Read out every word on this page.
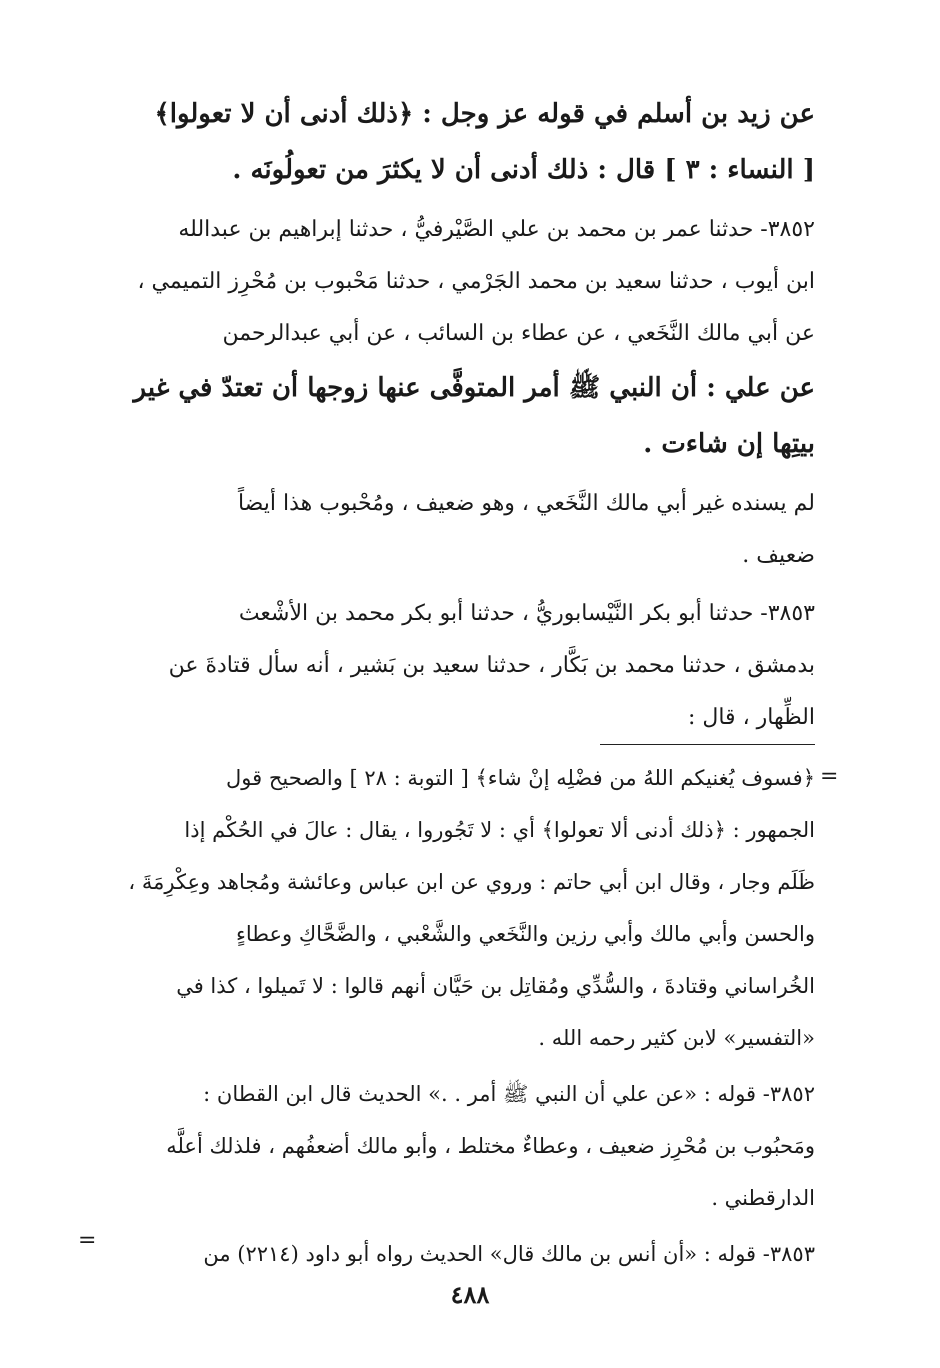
عن زيد بن أسلم في قوله عز وجل : ﴿ذلك أدنى أن لا تعولوا﴾
[ النساء : ٣ ] قال : ذلك أدنى أن لا يكثرَ من تعولُونَه .
٣٨٥٢- حدثنا عمر بن محمد بن علي الصَّيْرفيُّ ، حدثنا إبراهيم بن عبدالله
ابن أيوب ، حدثنا سعيد بن محمد الجَرْمي ، حدثنا مَحْبوب بن مُحْرِز التميمي ،
عن أبي مالك النَّخَعي ، عن عطاء بن السائب ، عن أبي عبدالرحمن
عن علي : أن النبي ﷺ أمر المتوفَّى عنها زوجها أن تعتدّ في غير
بيتِها إن شاءت .
لم يسنده غير أبي مالك النَّخَعي ، وهو ضعيف ، ومُحْبوب هذا أيضاً
ضعيف .
٣٨٥٣- حدثنا أبو بكر النَّيْسابوريُّ ، حدثنا أبو بكر محمد بن الأشْعث
بدمشق ، حدثنا محمد بن بَكَّار ، حدثنا سعيد بن بَشير ، أنه سأل قتادةَ عن
الظِّهار ، قال :
=
﴿فسوف يُغنيكم اللهُ من فضْلِه إنْ شاء﴾ [ التوبة : ٢٨ ] والصحيح قول
الجمهور : ﴿ذلك أدنى ألا تعولوا﴾ أي : لا تَجُوروا ، يقال : عالَ في الحُكْم إذا
ظَلَم وجار ، وقال ابن أبي حاتم : وروي عن ابن عباس وعائشة ومُجاهد وعِكْرِمَةَ ،
والحسن وأبي مالك وأبي رزين والنَّخَعي والشَّعْبي ، والضَّحَّاكِ وعطاءٍ
الخُراساني وقتادةَ ، والسُّدِّي ومُقاتِل بن حَيَّان أنهم قالوا : لا تَميلوا ، كذا في
«التفسير» لابن كثير رحمه الله .
٣٨٥٢- قوله : «عن علي أن النبي ﷺ أمر . .» الحديث قال ابن القطان :
ومَحبُوب بن مُحْرِز ضعيف ، وعطاءٌ مختلط ، وأبو مالك أضعفُهم ، فلذلك أعلَّه
الدارقطني .
٣٨٥٣- قوله : «أن أنس بن مالك قال» الحديث رواه أبو داود (٢٢١٤) من
=
٤٨٨
